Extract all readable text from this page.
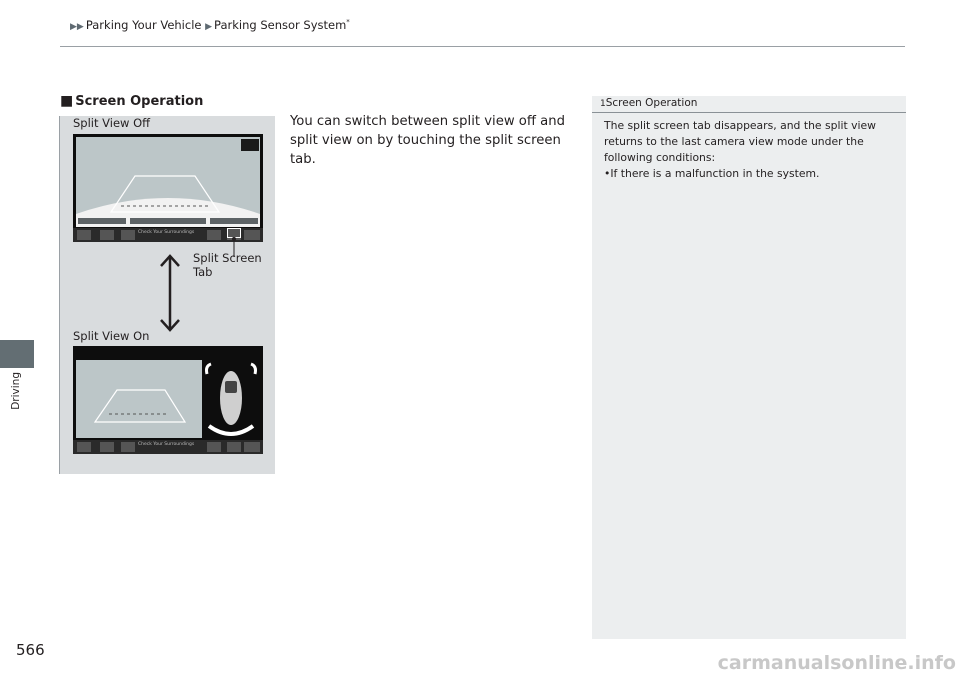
▶▶ Parking Your Vehicle ▶ Parking Sensor System*
Driving
566
■ Screen Operation
Split View Off
Check Your Surroundings
Split Screen
Tab
Split View On
Check Your Surroundings
You can switch between split view off and split view on by touching the split screen tab.
1Screen Operation
The split screen tab disappears, and the split view returns to the last camera view mode under the following conditions:
•If there is a malfunction in the system.
carmanualsonline.info
